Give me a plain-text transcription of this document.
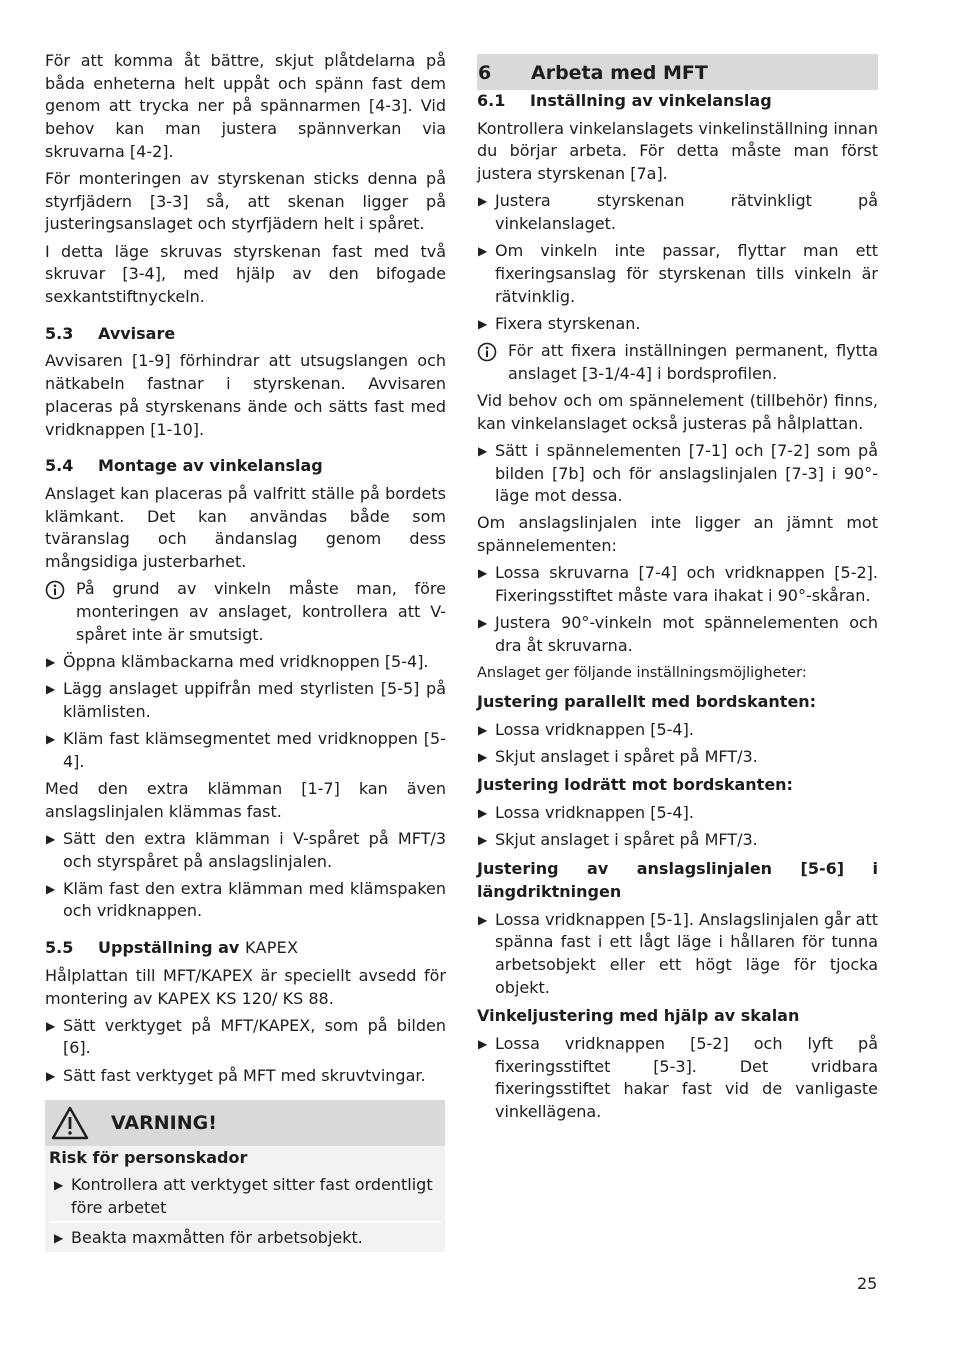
För att komma åt bättre, skjut plåtdelarna på båda enheterna helt uppåt och spänn fast dem genom att trycka ner på spännarmen [4-3]. Vid behov kan man justera spännverkan via skruvarna [4-2].

För monteringen av styrskenan sticks denna på styrfjädern [3-3] så, att skenan ligger på justeringsanslaget och styrfjädern helt i spåret.

I detta läge skruvas styrskenan fast med två skruvar [3-4], med hjälp av den bifogade sexkantstiftnyckeln.

5.3	Avvisare

Avvisaren [1-9] förhindrar att utsugslangen och nätkabeln fastnar i styrskenan. Avvisaren placeras på styrskenans ände och sätts fast med vridknappen [1-10].

5.4	Montage av vinkelanslag

Anslaget kan placeras på valfritt ställe på bordets klämkant. Det kan användas både som tväranslag och ändanslag genom dess mångsidiga justerbarhet.

På grund av vinkeln måste man, före monteringen av anslaget, kontrollera att V-spåret inte är smutsigt.
▶ Öppna klämbackarna med vridknoppen [5-4].
▶ Lägg anslaget uppifrån med styrlisten [5-5] på klämlisten.
▶ Kläm fast klämsegmentet med vridknoppen [5-4].

Med den extra klämman [1-7] kan även anslagslinjalen klämmas fast.

▶ Sätt den extra klämman i V-spåret på MFT/3 och styrspåret på anslagslinjalen.
▶ Kläm fast den extra klämman med klämspaken och vridknappen.
5.5	Uppställning av KAPEX

Hålplattan till MFT/KAPEX är speciellt avsedd för montering av KAPEX KS 120/ KS 88.

▶ Sätt verktyget på MFT/KAPEX, som på bilden [6].
▶ Sätt fast verktyget på MFT med skruvtvingar.
VARNING!
Risk för personskador
▶ Kontrollera att verktyget sitter fast ordentligt före arbetet
▶ Beakta maxmåtten för arbetsobjekt.
6	Arbeta med MFT
6.1	Inställning av vinkelanslag

Kontrollera vinkelanslagets vinkelinställning innan du börjar arbeta. För detta måste man först justera styrskenan [7a].

▶ Justera styrskenan rätvinkligt på vinkelanslaget.
▶ Om vinkeln inte passar, flyttar man ett fixeringsanslag för styrskenan tills vinkeln är rätvinklig.
▶ Fixera styrskenan.
För att fixera inställningen permanent, flytta anslaget [3-1/4-4] i bordsprofilen.

Vid behov och om spännelement (tillbehör) finns, kan vinkelanslaget också justeras på hålplattan.

▶ Sätt i spännelementen [7-1] och [7-2] som på bilden [7b] och för anslagslinjalen [7-3] i 90°-läge mot dessa.

Om anslagslinjalen inte ligger an jämnt mot spännelementen:

▶ Lossa skruvarna [7-4] och vridknappen [5-2]. Fixeringsstiftet måste vara ihakat i 90°-skåran.
▶ Justera 90°-vinkeln mot spännelementen och dra åt skruvarna.

Anslaget ger följande inställningsmöjligheter:

Justering parallellt med bordskanten:
▶ Lossa vridknappen [5-4].
▶ Skjut anslaget i spåret på MFT/3.
Justering lodrätt mot bordskanten:
▶ Lossa vridknappen [5-4].
▶ Skjut anslaget i spåret på MFT/3.
Justering av anslagslinjalen [5-6] i längdriktningen
▶ Lossa vridknappen [5-1]. Anslagslinjalen går att spänna fast i ett lågt läge i hållaren för tunna arbetsobjekt eller ett högt läge för tjocka objekt.
Vinkeljustering med hjälp av skalan
▶ Lossa vridknappen [5-2] och lyft på fixeringsstiftet [5-3]. Det vridbara fixeringsstiftet hakar fast vid de vanligaste vinkellägena.
25
